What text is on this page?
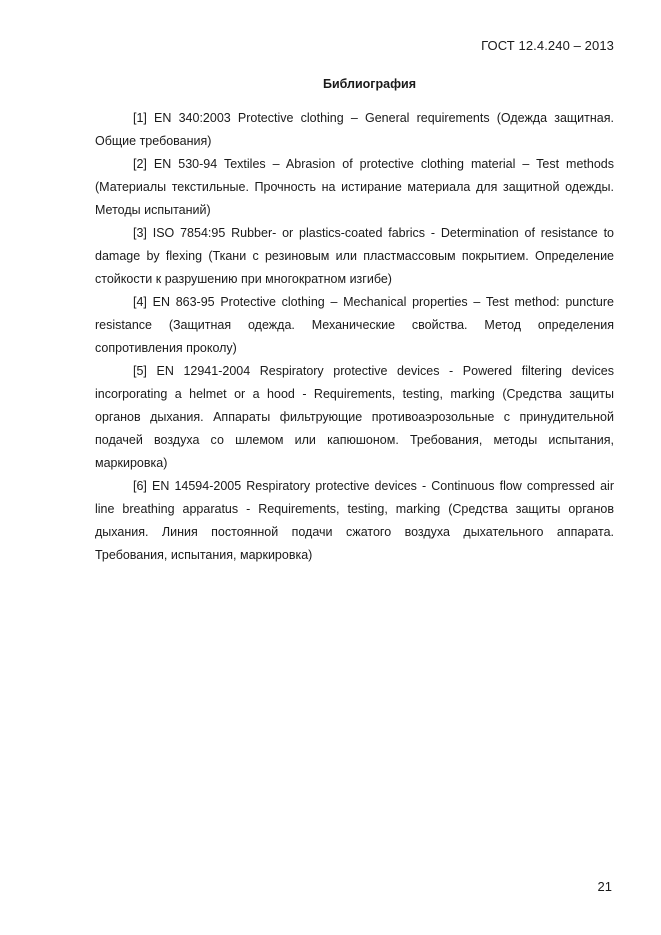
ГОСТ 12.4.240 – 2013
Библиография

[1] EN 340:2003 Protective clothing – General requirements (Одежда защитная. Общие требования)

[2] EN 530-94 Textiles – Abrasion of protective clothing material – Test methods (Материалы текстильные. Прочность на истирание материала для защитной одежды. Методы испытаний)

[3] ISO 7854:95 Rubber- or plastics-coated fabrics - Determination of resistance to damage by flexing (Ткани с резиновым или пластмассовым покрытием. Определение стойкости к разрушению при многократном изгибе)

[4] EN 863-95 Protective clothing – Mechanical properties – Test method: puncture resistance (Защитная одежда. Механические свойства. Метод определения сопротивления проколу)

[5] EN 12941-2004 Respiratory protective devices - Powered filtering devices incorporating a helmet or a hood - Requirements, testing, marking (Средства защиты органов дыхания. Аппараты фильтрующие противоаэрозольные с принудительной подачей воздуха со шлемом или капюшоном. Требования, методы испытания, маркировка)

[6] EN 14594-2005 Respiratory protective devices - Continuous flow compressed air line breathing apparatus - Requirements, testing, marking (Средства защиты органов дыхания. Линия постоянной подачи сжатого воздуха дыхательного аппарата. Требования, испытания, маркировка)

21
